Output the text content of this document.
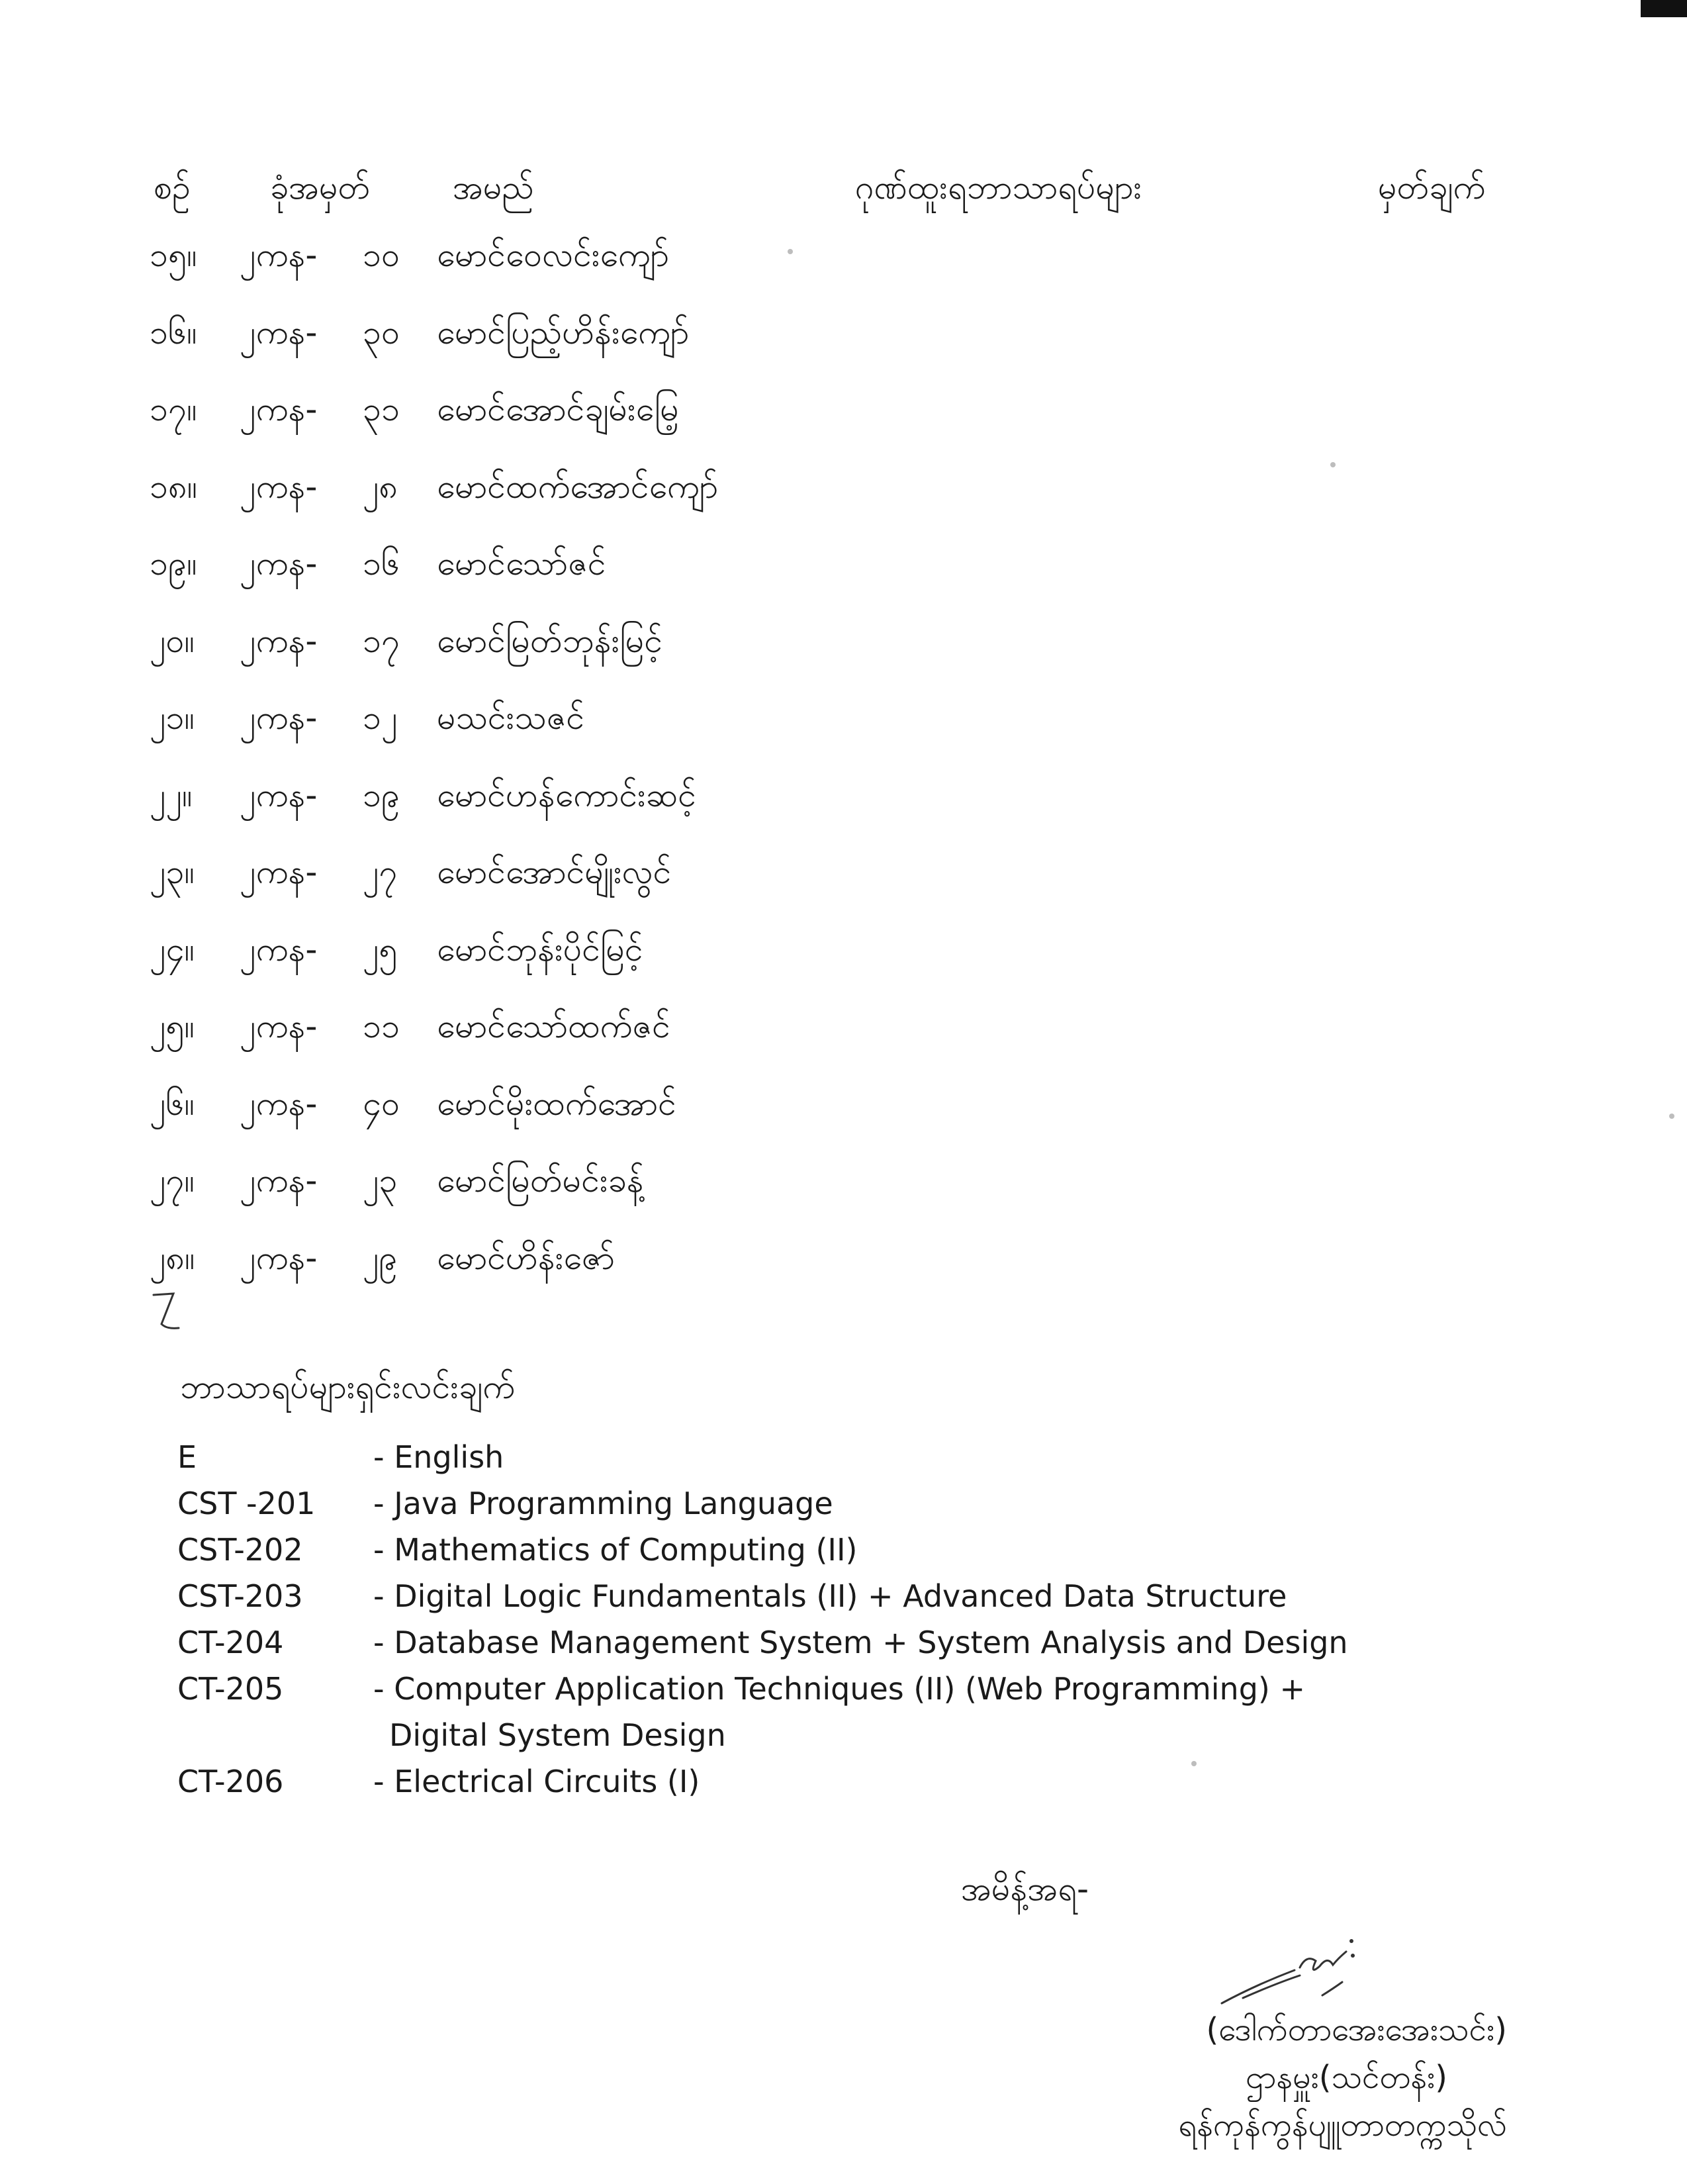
စဥ် ခုံအမှတ် အမည်	ဂုဏ်ထူးရဘာသာရပ်များ	မှတ်ချက်
၁၅။ ၂ကန- ၁၀ မောင်ဝေလင်းကျော်
၁၆။ ၂ကန- ၃၀ မောင်ပြည့်ဟိန်းကျော်
၁၇။ ၂ကန- ၃၁ မောင်အောင်ချမ်းမြေ့
၁၈။ ၂ကန- ၂၈ မောင်ထက်အောင်ကျော်
၁၉။ ၂ကန- ၁၆ မောင်သော်ဇင်
၂၀။ ၂ကန- ၁၇ မောင်မြတ်ဘုန်းမြင့်
၂၁။ ၂ကန- ၁၂ မသင်းသဇင်
၂၂။ ၂ကန- ၁၉ မောင်ဟန်ကောင်းဆင့်
၂၃။ ၂ကန- ၂၇ မောင်အောင်မျိုးလွင်
၂၄။ ၂ကန- ၂၅ မောင်ဘုန်းပိုင်မြင့်
၂၅။ ၂ကန- ၁၁ မောင်သော်ထက်ဇင်
၂၆။ ၂ကန- ၄၀ မောင်မိုးထက်အောင်
၂၇။ ၂ကန- ၂၃ မောင်မြတ်မင်းခန့်
၂၈။ ၂ကန- ၂၉ မောင်ဟိန်းဇော်
ဘာသာရပ်များရှင်းလင်းချက်
E	- English
CST -201	- Java Programming Language
CST-202	- Mathematics of Computing (II)
CST-203	- Digital Logic Fundamentals (II) + Advanced Data Structure
CT-204	- Database Management System + System Analysis and Design
CT-205	- Computer Application Techniques (II) (Web Programming) +
Digital System Design
CT-206	- Electrical Circuits (I)
အမိန့်အရ-
(ဒေါက်တာအေးအေးသင်း)
ဌာနမှူး(သင်တန်း)
ရန်ကုန်ကွန်ပျူတာတက္ကသိုလ်
